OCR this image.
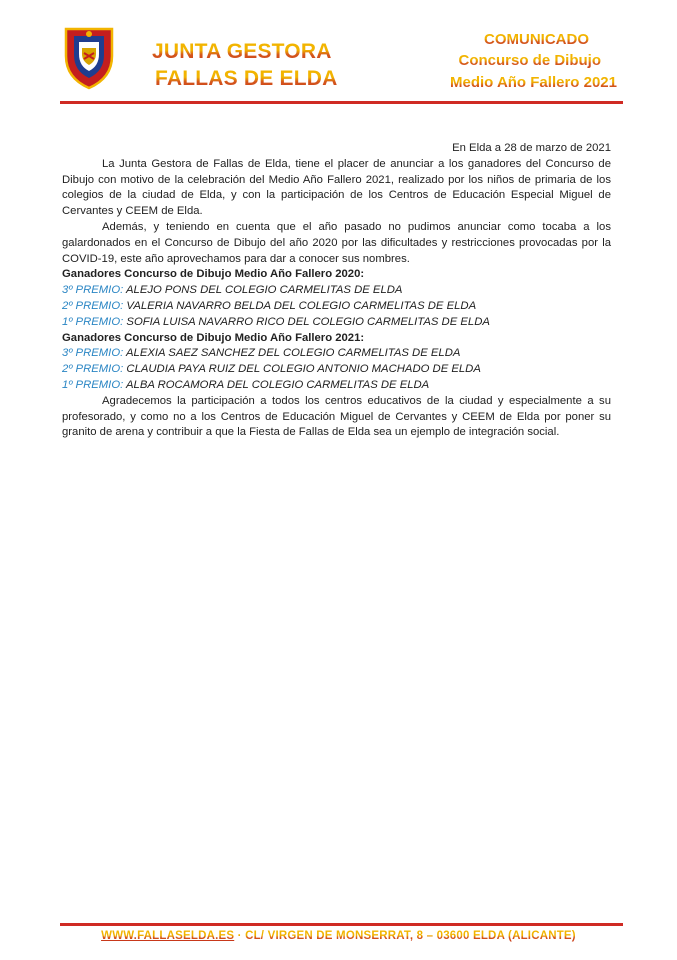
JUNTA GESTORA
FALLAS DE ELDA
COMUNICADO
Concurso de Dibujo
Medio Año Fallero 2021

En Elda a 28 de marzo de 2021

La Junta Gestora de Fallas de Elda, tiene el placer de anunciar a los ganadores del Concurso de Dibujo con motivo de la celebración del Medio Año Fallero 2021, realizado por los niños de primaria de los colegios de la ciudad de Elda, y con la participación de los Centros de Educación Especial Miguel de Cervantes y CEEM de Elda.

Además, y teniendo en cuenta que el año pasado no pudimos anunciar como tocaba a los galardonados en el Concurso de Dibujo del año 2020 por las dificultades y restricciones provocadas por la COVID-19, este año aprovechamos para dar a conocer sus nombres.

Ganadores Concurso de Dibujo Medio Año Fallero 2020:

3º PREMIO: ALEJO PONS DEL COLEGIO CARMELITAS DE ELDA

2º PREMIO: VALERIA NAVARRO BELDA DEL COLEGIO CARMELITAS DE ELDA

1º PREMIO: SOFIA LUISA NAVARRO RICO DEL COLEGIO CARMELITAS DE ELDA

Ganadores Concurso de Dibujo Medio Año Fallero 2021:

3º PREMIO: ALEXIA SAEZ SANCHEZ DEL COLEGIO CARMELITAS DE ELDA

2º PREMIO: CLAUDIA PAYA RUIZ DEL COLEGIO ANTONIO MACHADO DE ELDA

1º PREMIO: ALBA ROCAMORA DEL COLEGIO CARMELITAS DE ELDA

Agradecemos la participación a todos los centros educativos de la ciudad y especialmente a su profesorado, y como no a los Centros de Educación Miguel de Cervantes y CEEM de Elda por poner su granito de arena y contribuir a que la Fiesta de Fallas de Elda sea un ejemplo de integración social.

WWW.FALLASELDA.ES · CL/ VIRGEN DE MONSERRAT, 8 – 03600 ELDA (ALICANTE)
